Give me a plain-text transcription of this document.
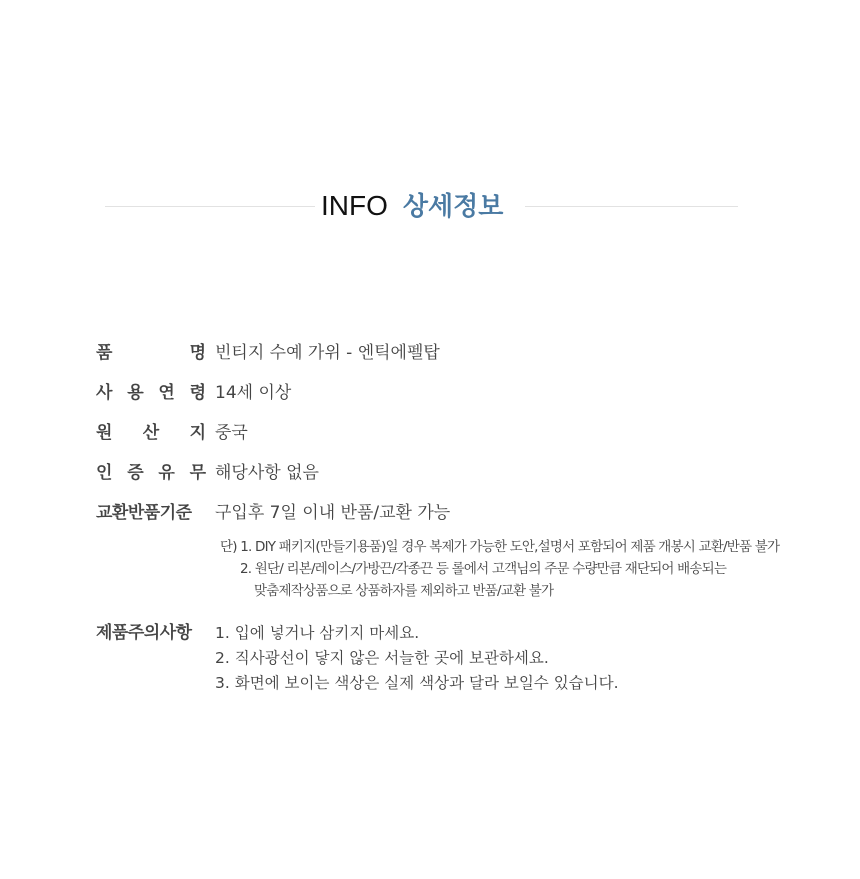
INFO 상세정보
품	명 빈티지 수예 가위 - 엔틱에펠탑
사 용 연 령 14세 이상
원 산 지 중국
인 증 유 무 해당사항 없음
교환반품기준	구입후 7일 이내 반품/교환 가능
단) 1. DIY 패키지(만들기용품)일 경우 복제가 가능한 도안,설명서 포함되어 제품 개봉시 교환/반품 불가
2. 원단/ 리본/레이스/가방끈/각종끈 등 롤에서 고객님의 주문 수량만큼 재단되어 배송되는
맞춤제작상품으로 상품하자를 제외하고 반품/교환 불가
제품주의사항	1. 입에 넣거나 삼키지 마세요.
2. 직사광선이 닿지 않은 서늘한 곳에 보관하세요.
3. 화면에 보이는 색상은 실제 색상과 달라 보일수 있습니다.
